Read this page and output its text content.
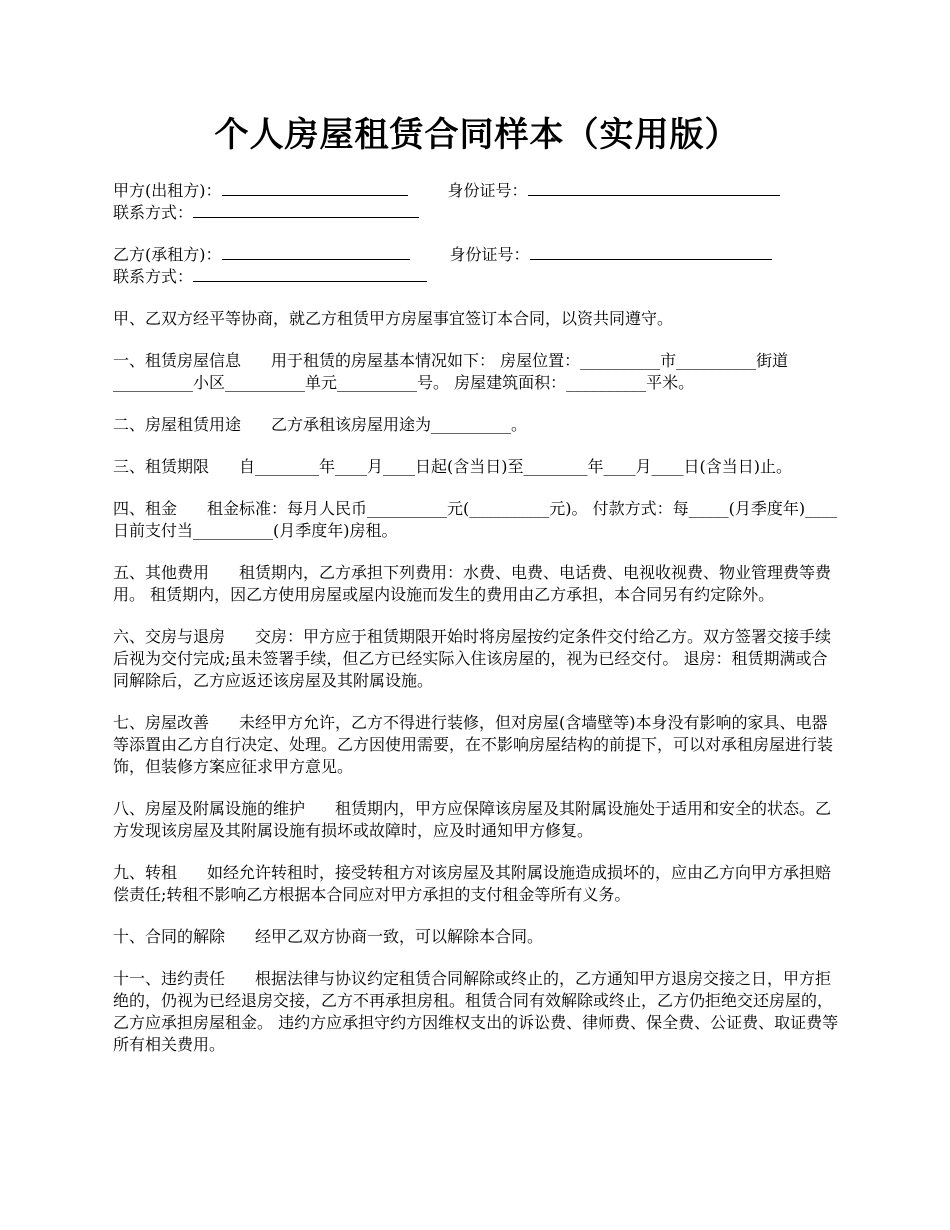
个人房屋租赁合同样本（实用版）
甲方(出租方)：	身份证号：
联系方式：
乙方(承租方)：	身份证号：
联系方式：
甲、乙双方经平等协商，就乙方租赁甲方房屋事宜签订本合同，以资共同遵守。
一、租赁房屋信息 用于租赁的房屋基本情况如下： 房屋位置：__________市__________街道__________小区__________单元__________号。 房屋建筑面积：__________平米。
二、房屋租赁用途 乙方承租该房屋用途为__________。
三、租赁期限 自________年____月____日起(含当日)至________年____月____日(含当日)止。
四、租金 租金标准：每月人民币__________元(__________元)。 付款方式：每_____(月季度年)____日前支付当__________(月季度年)房租。
五、其他费用 租赁期内，乙方承担下列费用：水费、电费、电话费、电视收视费、物业管理费等费用。 租赁期内，因乙方使用房屋或屋内设施而发生的费用由乙方承担，本合同另有约定除外。
六、交房与退房 交房：甲方应于租赁期限开始时将房屋按约定条件交付给乙方。双方签署交接手续后视为交付完成;虽未签署手续，但乙方已经实际入住该房屋的，视为已经交付。 退房：租赁期满或合同解除后，乙方应返还该房屋及其附属设施。
七、房屋改善 未经甲方允许，乙方不得进行装修，但对房屋(含墙壁等)本身没有影响的家具、电器等添置由乙方自行决定、处理。乙方因使用需要，在不影响房屋结构的前提下，可以对承租房屋进行装饰，但装修方案应征求甲方意见。
八、房屋及附属设施的维护 租赁期内，甲方应保障该房屋及其附属设施处于适用和安全的状态。乙方发现该房屋及其附属设施有损坏或故障时，应及时通知甲方修复。
九、转租 如经允许转租时，接受转租方对该房屋及其附属设施造成损坏的，应由乙方向甲方承担赔偿责任;转租不影响乙方根据本合同应对甲方承担的支付租金等所有义务。
十、合同的解除 经甲乙双方协商一致，可以解除本合同。
十一、违约责任 根据法律与协议约定租赁合同解除或终止的，乙方通知甲方退房交接之日，甲方拒绝的，仍视为已经退房交接，乙方不再承担房租。租赁合同有效解除或终止，乙方仍拒绝交还房屋的，乙方应承担房屋租金。 违约方应承担守约方因维权支出的诉讼费、律师费、保全费、公证费、取证费等所有相关费用。
